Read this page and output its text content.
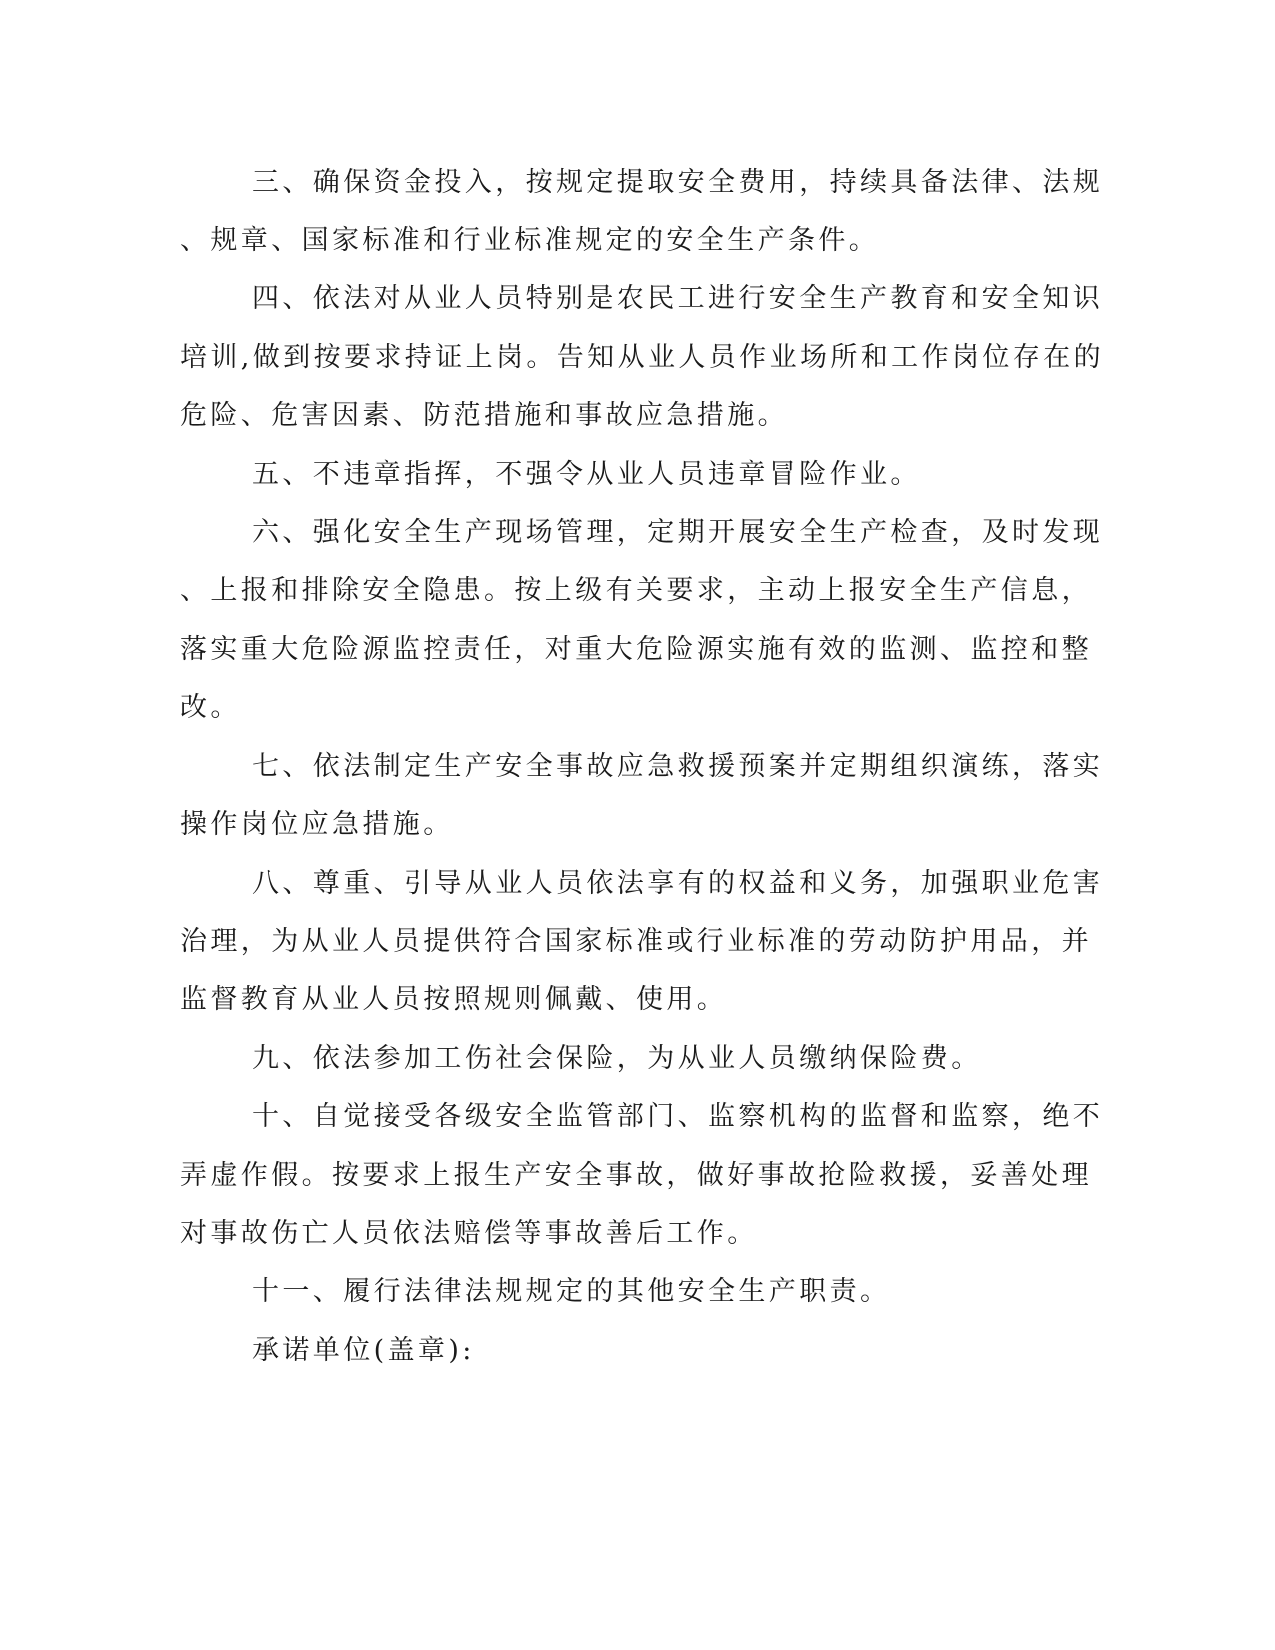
三、确保资金投入，按规定提取安全费用，持续具备法律、法规
、规章、国家标准和行业标准规定的安全生产条件。
四、依法对从业人员特别是农民工进行安全生产教育和安全知识
培训,做到按要求持证上岗。告知从业人员作业场所和工作岗位存在的
危险、危害因素、防范措施和事故应急措施。
五、不违章指挥，不强令从业人员违章冒险作业。
六、强化安全生产现场管理，定期开展安全生产检查，及时发现
、上报和排除安全隐患。按上级有关要求，主动上报安全生产信息，
落实重大危险源监控责任，对重大危险源实施有效的监测、监控和整
改。
七、依法制定生产安全事故应急救援预案并定期组织演练，落实
操作岗位应急措施。
八、尊重、引导从业人员依法享有的权益和义务，加强职业危害
治理，为从业人员提供符合国家标准或行业标准的劳动防护用品，并
监督教育从业人员按照规则佩戴、使用。
九、依法参加工伤社会保险，为从业人员缴纳保险费。
十、自觉接受各级安全监管部门、监察机构的监督和监察，绝不
弄虚作假。按要求上报生产安全事故，做好事故抢险救援，妥善处理
对事故伤亡人员依法赔偿等事故善后工作。
十一、履行法律法规规定的其他安全生产职责。
承诺单位(盖章):
